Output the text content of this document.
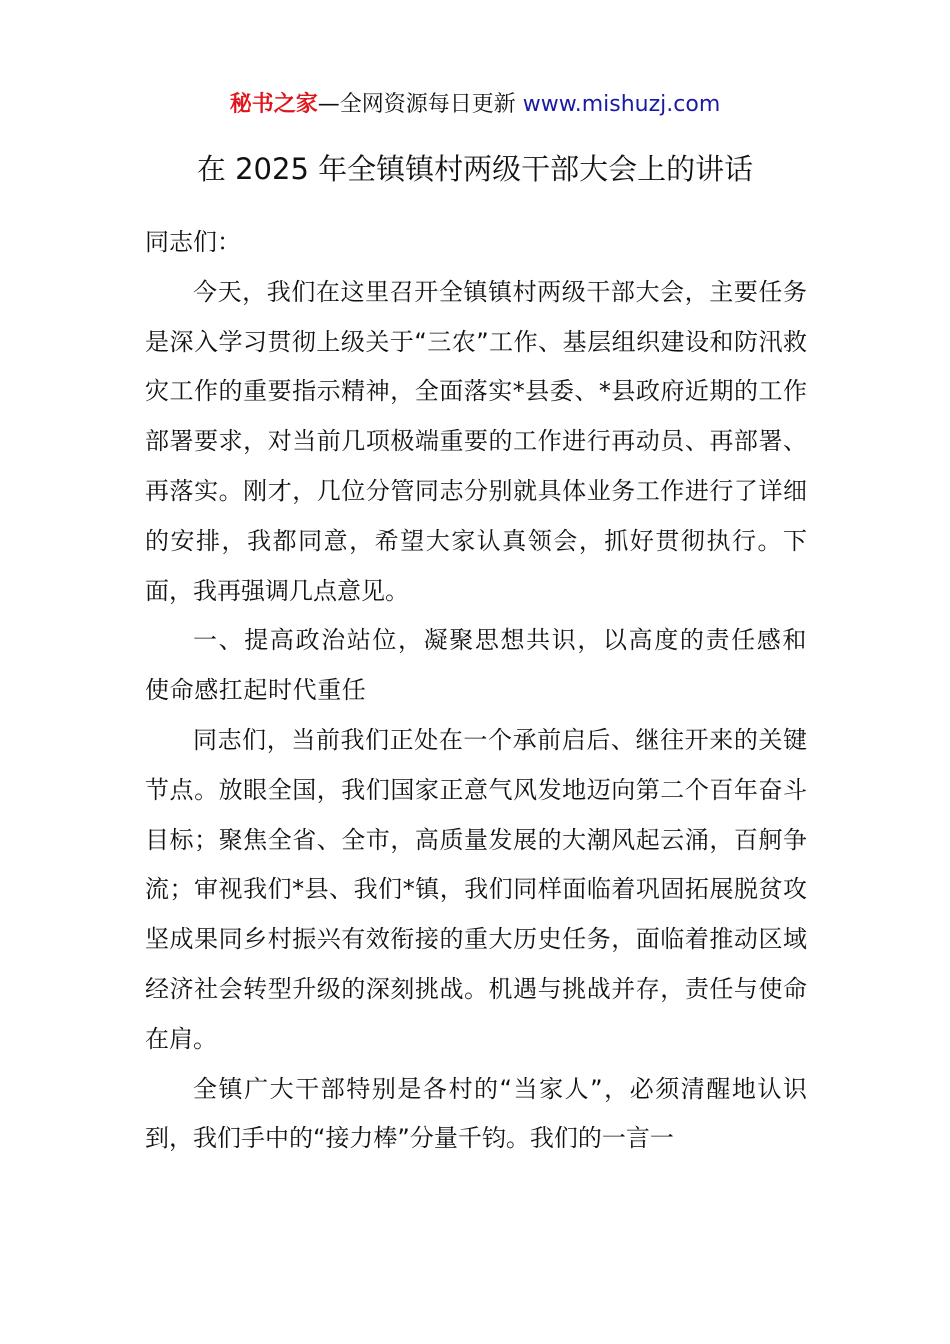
秘书之家—全网资源每日更新 www.mishuzj.com
在 2025 年全镇镇村两级干部大会上的讲话

同志们：

今天，我们在这里召开全镇镇村两级干部大会，主要任务是深入学习贯彻上级关于“三农”工作、基层组织建设和防汛救灾工作的重要指示精神，全面落实*县委、*县政府近期的工作部署要求，对当前几项极端重要的工作进行再动员、再部署、再落实。刚才，几位分管同志分别就具体业务工作进行了详细的安排，我都同意，希望大家认真领会，抓好贯彻执行。下面，我再强调几点意见。

一、提高政治站位，凝聚思想共识，以高度的责任感和使命感扛起时代重任

同志们，当前我们正处在一个承前启后、继往开来的关键节点。放眼全国，我们国家正意气风发地迈向第二个百年奋斗目标；聚焦全省、全市，高质量发展的大潮风起云涌，百舸争流；审视我们*县、我们*镇，我们同样面临着巩固拓展脱贫攻坚成果同乡村振兴有效衔接的重大历史任务，面临着推动区域经济社会转型升级的深刻挑战。机遇与挑战并存，责任与使命在肩。

全镇广大干部特别是各村的“当家人”，必须清醒地认识到，我们手中的“接力棒”分量千钧。我们的一言一
